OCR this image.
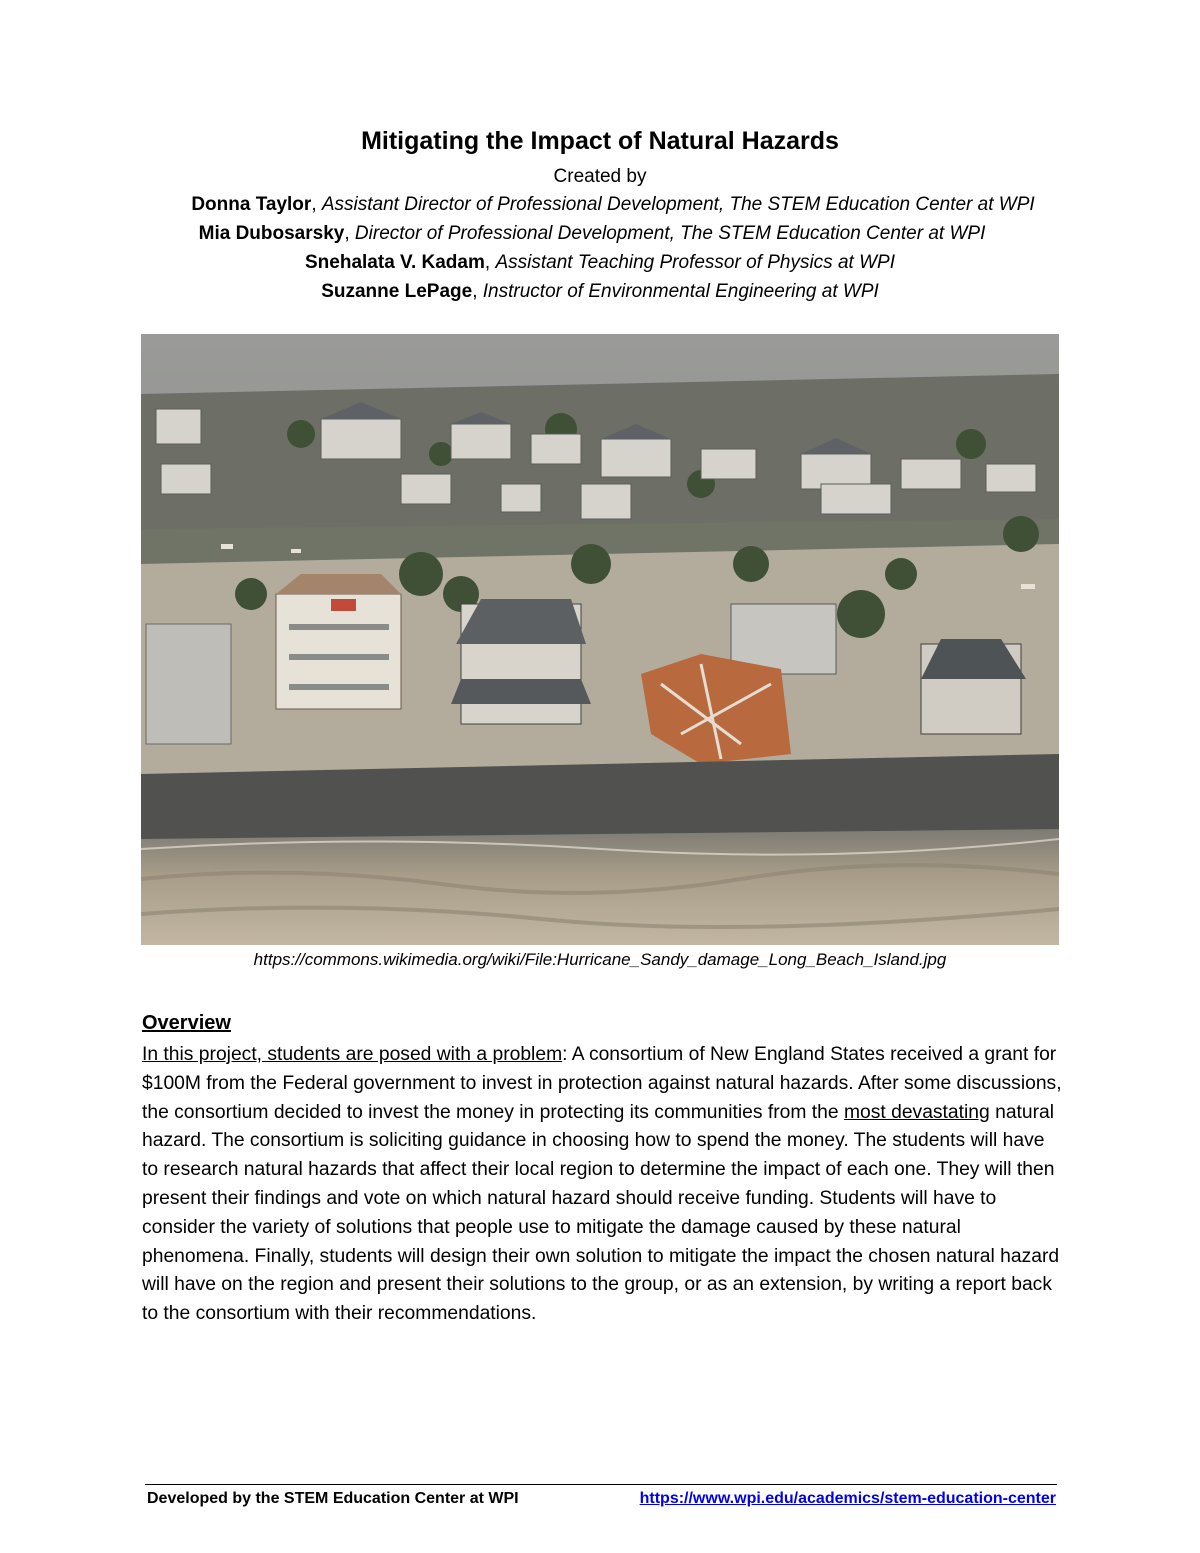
Mitigating the Impact of Natural Hazards
Created by
Donna Taylor, Assistant Director of Professional Development, The STEM Education Center at WPI
Mia Dubosarsky, Director of Professional Development, The STEM Education Center at WPI
Snehalata V. Kadam, Assistant Teaching Professor of Physics at WPI
Suzanne LePage, Instructor of Environmental Engineering at WPI
https://commons.wikimedia.org/wiki/File:Hurricane_Sandy_damage_Long_Beach_Island.jpg
Overview

In this project, students are posed with a problem: A consortium of New England States received a grant for $100M from the Federal government to invest in protection against natural hazards. After some discussions, the consortium decided to invest the money in protecting its communities from the most devastating natural hazard. The consortium is soliciting guidance in choosing how to spend the money. The students will have to research natural hazards that affect their local region to determine the impact of each one. They will then present their findings and vote on which natural hazard should receive funding. Students will have to consider the variety of solutions that people use to mitigate the damage caused by these natural phenomena. Finally, students will design their own solution to mitigate the impact the chosen natural hazard will have on the region and present their solutions to the group, or as an extension, by writing a report back to the consortium with their recommendations.

Developed by the STEM Education Center at WPI	https://www.wpi.edu/academics/stem-education-center
